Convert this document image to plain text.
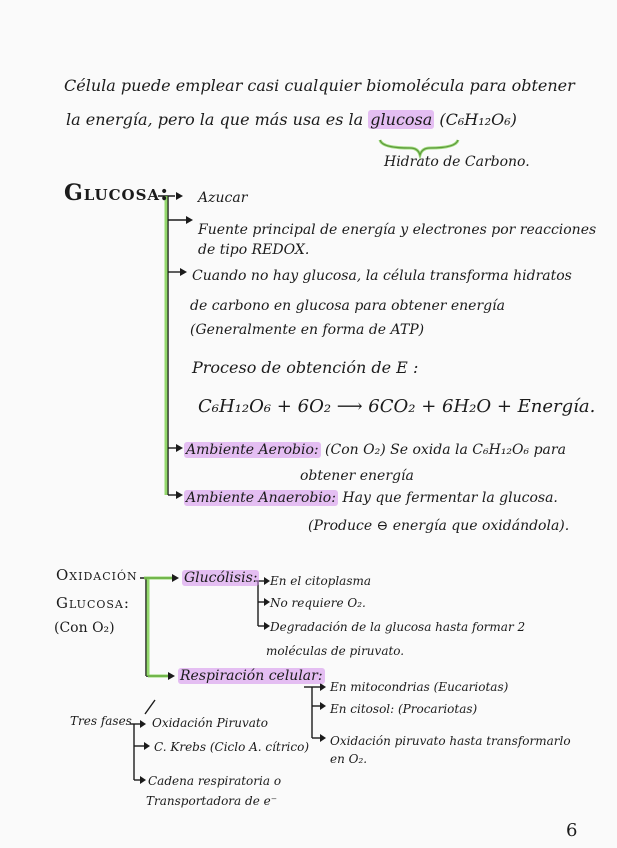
Célula puede emplear casi cualquier biomolécula para obtener
la energía, pero la que más usa es la glucosa (C₆H₁₂O₆)
Hidrato de Carbono.
Glucosa: Azucar
Fuente principal de energía y electrones por reacciones
de tipo REDOX.
Cuando no hay glucosa, la célula transforma hidratos
de carbono en glucosa para obtener energía
(Generalmente en forma de ATP)
Proceso de obtención de E :
C₆H₁₂O₆ + 6O₂ ⟶ 6CO₂ + 6H₂O + Energía.
Ambiente Aerobio: (Con O₂) Se oxida la C₆H₁₂O₆ para
obtener energía
Ambiente Anaerobio: Hay que fermentar la glucosa.
(Produce ⊖ energía que oxidándola).
Oxidación
Glucosa:
(Con O₂)
Glucólisis: En el citoplasma
No requiere O₂.
Degradación de la glucosa hasta formar 2
moléculas de piruvato.
Respiración celular:
En mitocondrias (Eucariotas)
En citosol: (Procariotas)
Oxidación piruvato hasta transformarlo
en O₂.
Tres fases Oxidación Piruvato
C. Krebs (Ciclo A. cítrico)
Cadena respiratoria o
Transportadora de e⁻
6
